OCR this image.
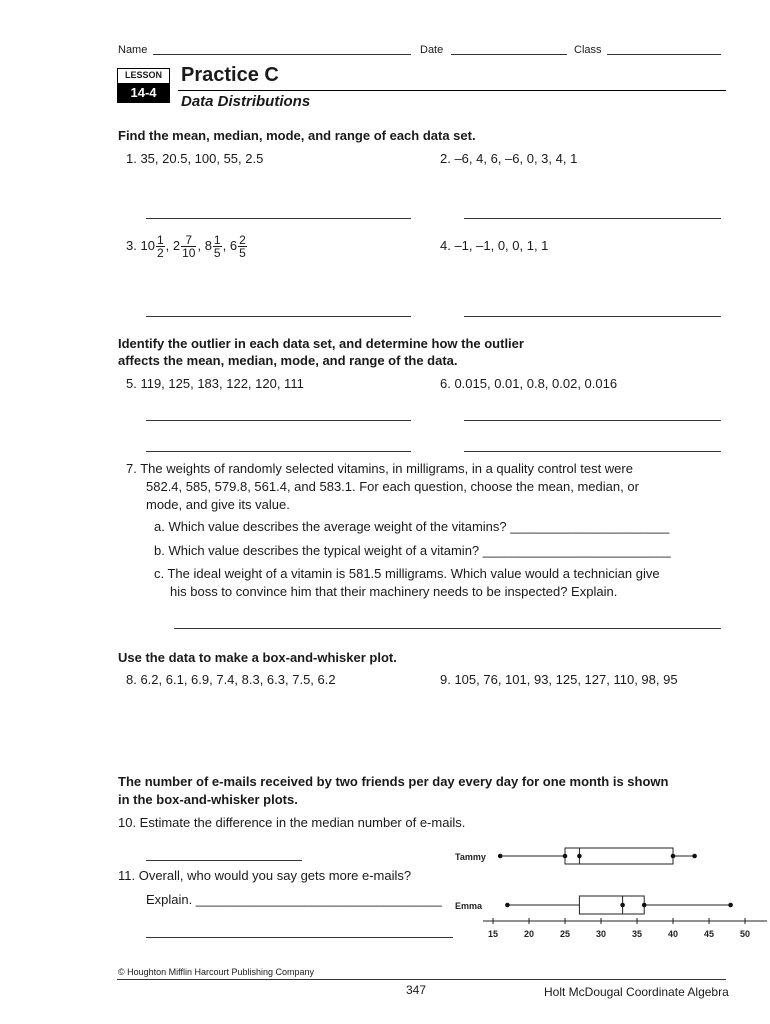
Name	Date	Class
LESSON
14-4
Practice C
Data Distributions
Find the mean, median, mode, and range of each data set.
1. 35, 20.5, 100, 55, 2.5	2. –6, 4, 6, –6, 0, 3, 4, 1
3.
$10 \frac{1}{2}$ , $2 \frac{7}{10}$ , $8 \frac{1}{5}$ , $6 \frac{2}{5}$	4. –1, –1, 0, 0, 1, 1
Identify the outlier in each data set, and determine how the outlier
affects the mean, median, mode, and range of the data.
5. 119, 125, 183, 122, 120, 111	6. 0.015, 0.01, 0.8, 0.02, 0.016
7. The weights of randomly selected vitamins, in milligrams, in a quality control test were
582.4, 585, 579.8, 561.4, and 583.1. For each question, choose the mean, median, or
mode, and give its value.
a. Which value describes the average weight of the vitamins? ______________________
b. Which value describes the typical weight of a vitamin? __________________________
c. The ideal weight of a vitamin is 581.5 milligrams. Which value would a technician give
his boss to convince him that their machinery needs to be inspected? Explain.
Use the data to make a box-and-whisker plot.
8. 6.2, 6.1, 6.9, 7.4, 8.3, 6.3, 7.5, 6.2	9. 105, 76, 101, 93, 125, 127, 110, 98, 95
The number of e-mails received by two friends per day every day for one month is shown
in the box-and-whisker plots.
10. Estimate the difference in the median number of e-mails.
11. Overall, who would you say gets more e-mails?
Explain. __________________________________
Tammy
Emma
15	20	25	30	35	40	45	50
© Houghton Mifflin Harcourt Publishing Company
347	Holt McDougal Coordinate Algebra
